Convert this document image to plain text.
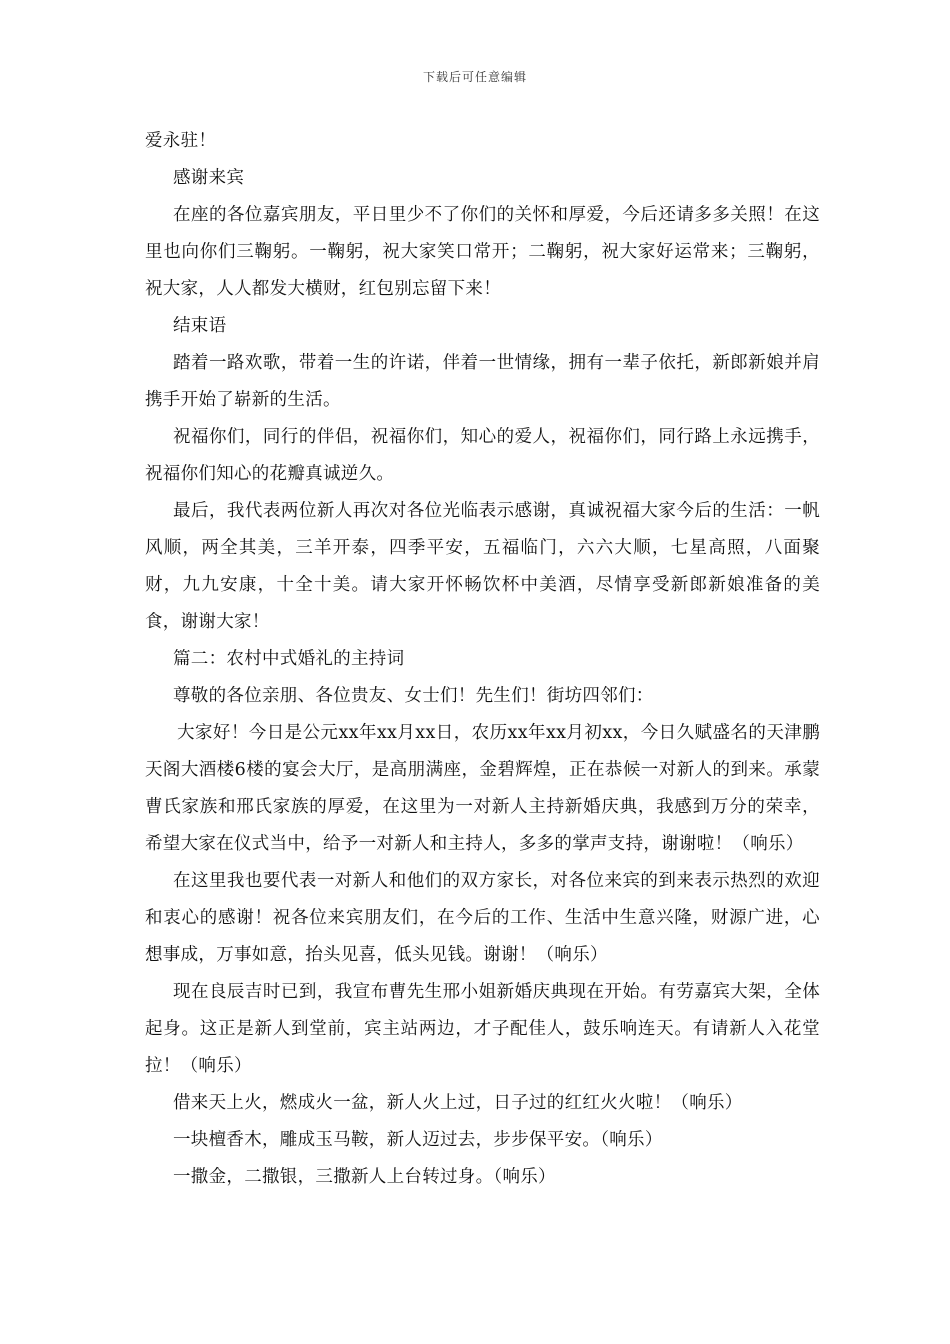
下载后可任意编辑

爱永驻！

感谢来宾

在座的各位嘉宾朋友，平日里少不了你们的关怀和厚爱，今后还请多多关照！在这里也向你们三鞠躬。一鞠躬，祝大家笑口常开；二鞠躬，祝大家好运常来；三鞠躬，祝大家，人人都发大横财，红包别忘留下来！

结束语

踏着一路欢歌，带着一生的许诺，伴着一世情缘，拥有一辈子依托，新郎新娘并肩携手开始了崭新的生活。

祝福你们，同行的伴侣，祝福你们，知心的爱人，祝福你们，同行路上永远携手，祝福你们知心的花瓣真诚逆久。

最后，我代表两位新人再次对各位光临表示感谢，真诚祝福大家今后的生活：一帆风顺，两全其美，三羊开泰，四季平安，五福临门，六六大顺，七星高照，八面聚财，九九安康，十全十美。请大家开怀畅饮杯中美酒，尽情享受新郎新娘准备的美食，谢谢大家！

篇二：农村中式婚礼的主持词

尊敬的各位亲朋、各位贵友、女士们！先生们！街坊四邻们：

大家好！今日是公元xx年xx月xx日，农历xx年xx月初xx，今日久赋盛名的天津鹏天阁大酒楼6楼的宴会大厅，是高朋满座，金碧辉煌，正在恭候一对新人的到来。承蒙曹氏家族和邢氏家族的厚爱，在这里为一对新人主持新婚庆典，我感到万分的荣幸，希望大家在仪式当中，给予一对新人和主持人，多多的掌声支持，谢谢啦！（响乐）

在这里我也要代表一对新人和他们的双方家长，对各位来宾的到来表示热烈的欢迎和衷心的感谢！祝各位来宾朋友们，在今后的工作、生活中生意兴隆，财源广进，心想事成，万事如意，抬头见喜，低头见钱。谢谢！（响乐）

现在良辰吉时已到，我宣布曹先生邢小姐新婚庆典现在开始。有劳嘉宾大架，全体起身。这正是新人到堂前，宾主站两边，才子配佳人，鼓乐响连天。有请新人入花堂拉！（响乐）

借来天上火，燃成火一盆，新人火上过，日子过的红红火火啦！（响乐）

一块檀香木，雕成玉马鞍，新人迈过去，步步保平安。（响乐）

一撒金，二撒银，三撒新人上台转过身。（响乐）
